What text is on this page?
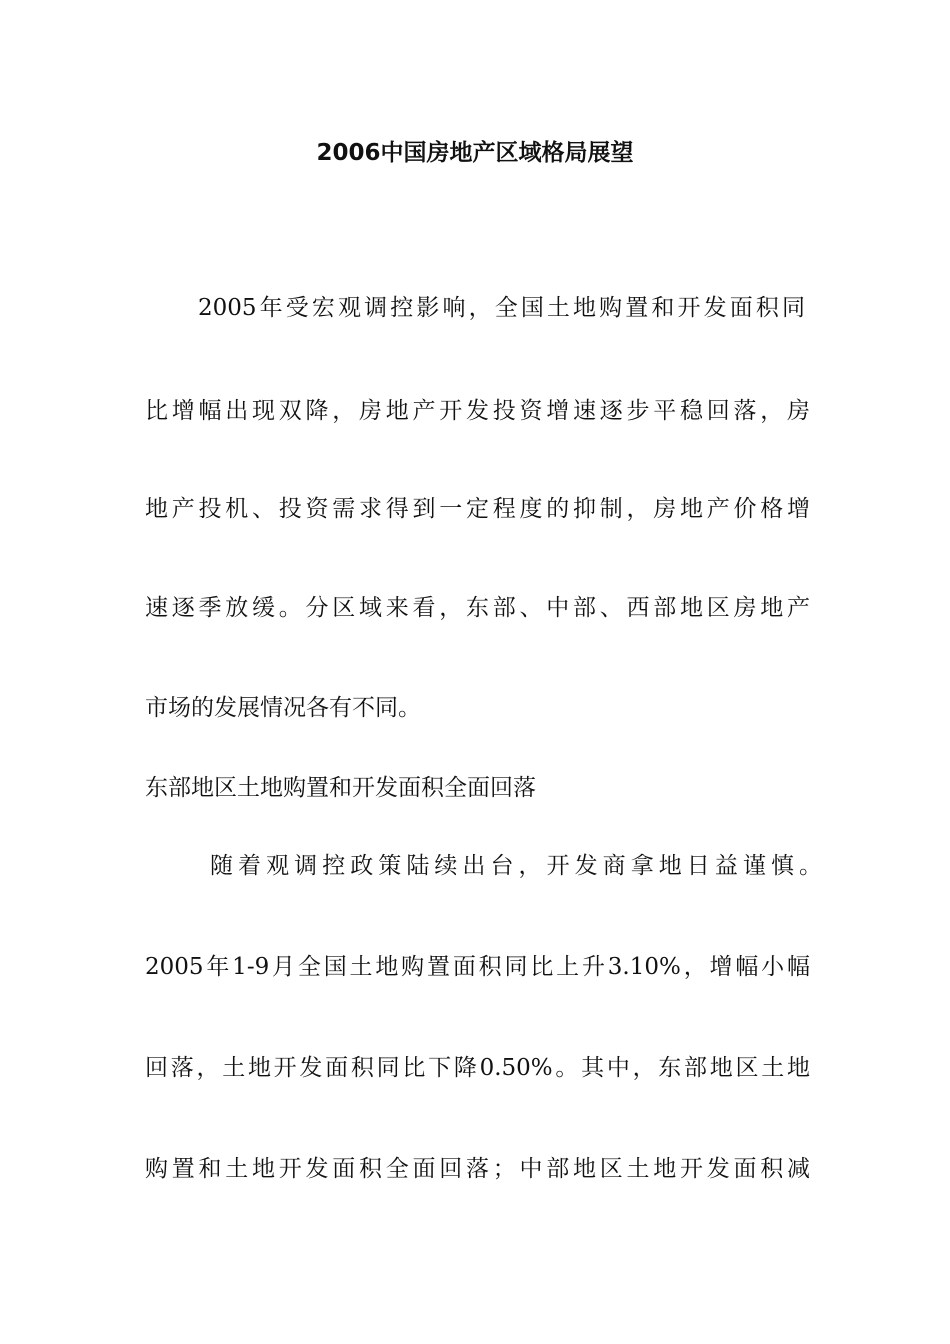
2006中国房地产区域格局展望

2005年受宏观调控影响，全国土地购置和开发面积同

比增幅出现双降，房地产开发投资增速逐步平稳回落，房

地产投机、投资需求得到一定程度的抑制，房地产价格增

速逐季放缓。分区域来看，东部、中部、西部地区房地产

市场的发展情况各有不同。

东部地区土地购置和开发面积全面回落

随着观调控政策陆续出台，开发商拿地日益谨慎。

2005年1-9月全国土地购置面积同比上升3.10%，增幅小幅

回落，土地开发面积同比下降0.50%。其中，东部地区土地

购置和土地开发面积全面回落；中部地区土地开发面积减
